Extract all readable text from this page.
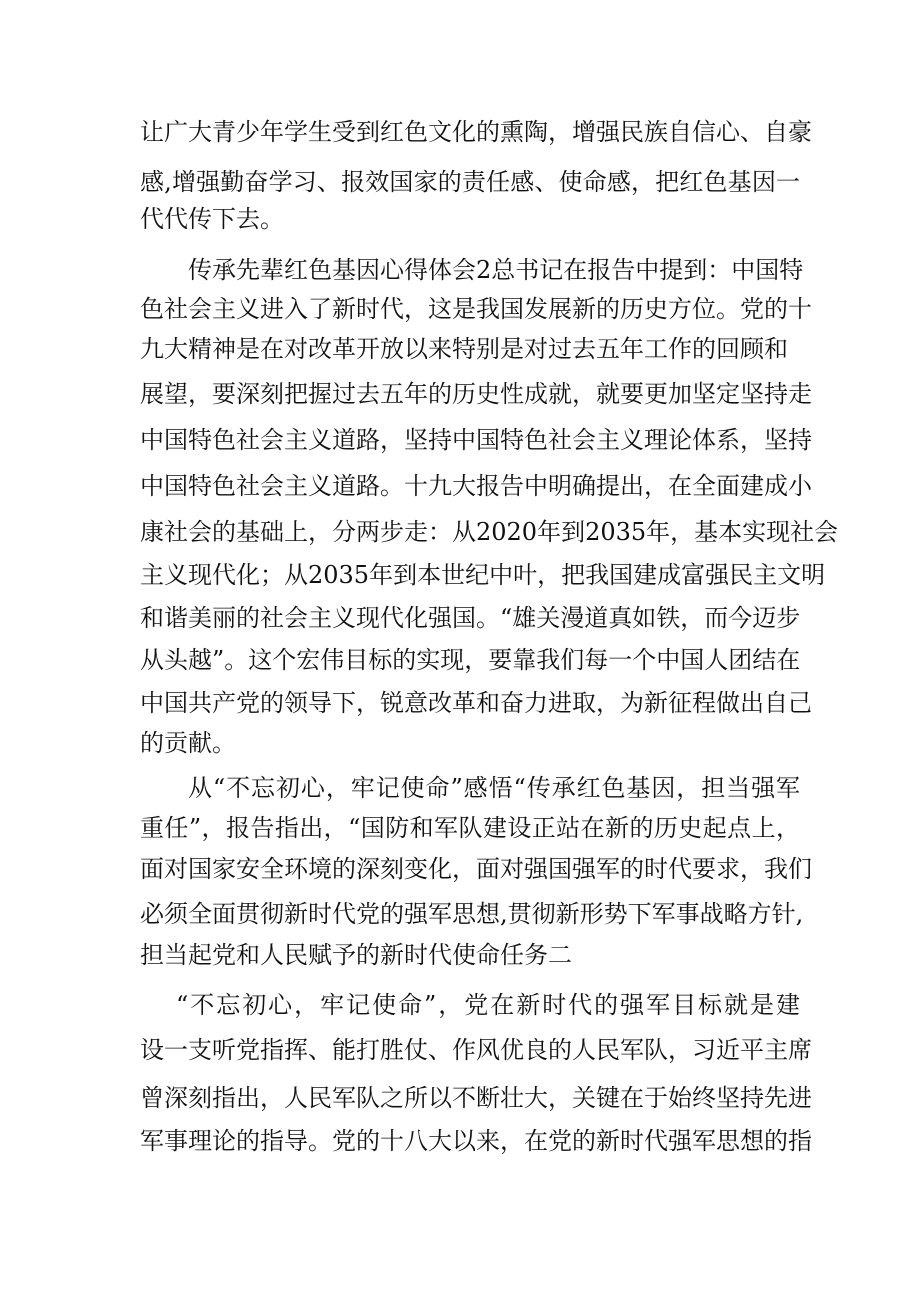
让广大青少年学生受到红色文化的熏陶，增强民族自信心、自豪
感,增强勤奋学习、报效国家的责任感、使命感，把红色基因一
代代传下去。
传承先辈红色基因心得体会2总书记在报告中提到：中国特
色社会主义进入了新时代，这是我国发展新的历史方位。党的十
九大精神是在对改革开放以来特别是对过去五年工作的回顾和
展望，要深刻把握过去五年的历史性成就，就要更加坚定坚持走
中国特色社会主义道路，坚持中国特色社会主义理论体系，坚持
中国特色社会主义道路。十九大报告中明确提出，在全面建成小
康社会的基础上，分两步走：从2020年到2035年，基本实现社会
主义现代化；从2035年到本世纪中叶，把我国建成富强民主文明
和谐美丽的社会主义现代化强国。“雄关漫道真如铁，而今迈步
从头越”。这个宏伟目标的实现，要靠我们每一个中国人团结在
中国共产党的领导下，锐意改革和奋力进取，为新征程做出自己
的贡献。
从“不忘初心，牢记使命”感悟“传承红色基因，担当强军
重任”，报告指出，“国防和军队建设正站在新的历史起点上，
面对国家安全环境的深刻变化，面对强国强军的时代要求，我们
必须全面贯彻新时代党的强军思想,贯彻新形势下军事战略方针,
担当起党和人民赋予的新时代使命任务二
“不忘初心，牢记使命”，党在新时代的强军目标就是建
设一支听党指挥、能打胜仗、作风优良的人民军队，习近平主席
曾深刻指出，人民军队之所以不断壮大，关键在于始终坚持先进
军事理论的指导。党的十八大以来，在党的新时代强军思想的指
